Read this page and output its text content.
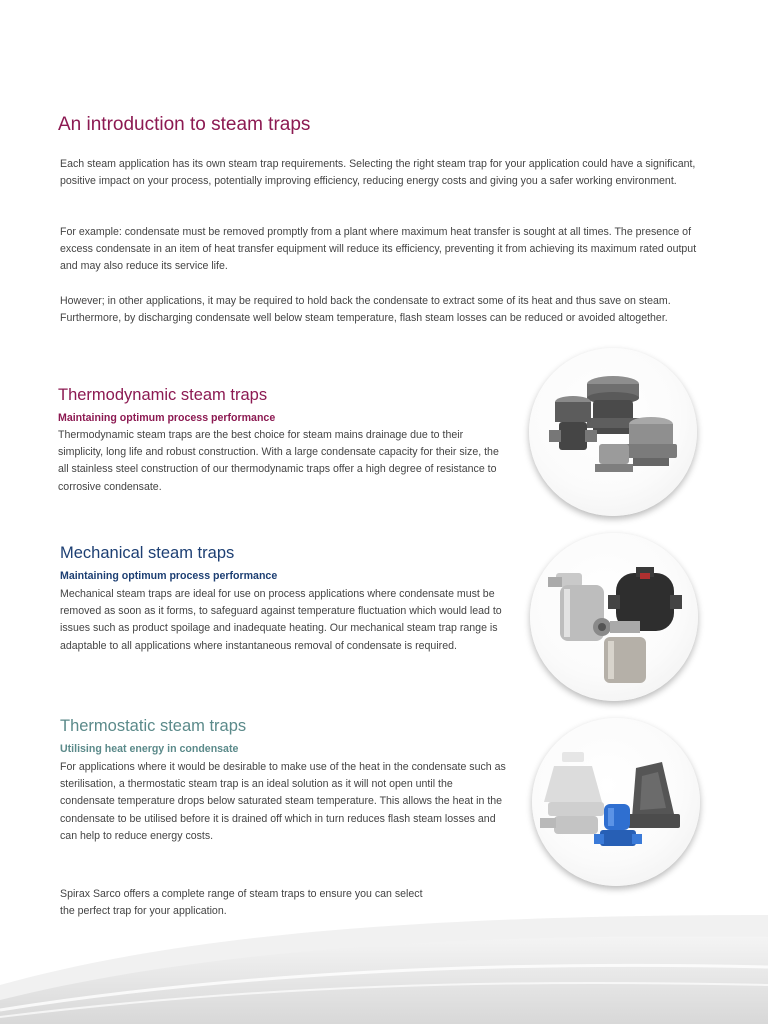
An introduction to steam traps

Each steam application has its own steam trap requirements. Selecting the right steam trap for your application could have a significant, positive impact on your process, potentially improving efficiency, reducing energy costs and giving you a safer working environment.

For example: condensate must be removed promptly from a plant where maximum heat transfer is sought at all times. The presence of excess condensate in an item of heat transfer equipment will reduce its efficiency, preventing it from achieving its maximum rated output and may also reduce its service life.

However; in other applications, it may be required to hold back the condensate to extract some of its heat and thus save on steam. Furthermore, by discharging condensate well below steam temperature, flash steam losses can be reduced or avoided altogether.

Thermodynamic steam traps
Maintaining optimum process performance

Thermodynamic steam traps are the best choice for steam mains drainage due to their simplicity, long life and robust construction. With a large condensate capacity for their size, the all stainless steel construction of our thermodynamic traps offer a high degree of resistance to corrosive condensate.

Mechanical steam traps
Maintaining optimum process performance

Mechanical steam traps are ideal for use on process applications where condensate must be removed as soon as it forms, to safeguard against temperature fluctuation which would lead to issues such as product spoilage and inadequate heating. Our mechanical steam trap range is adaptable to all applications where instantaneous removal of condensate is required.

Thermostatic steam traps
Utilising heat energy in condensate

For applications where it would be desirable to make use of the heat in the condensate such as sterilisation, a thermostatic steam trap is an ideal solution as it will not open until the condensate temperature drops below saturated steam temperature. This allows the heat in the condensate to be utilised before it is drained off which in turn reduces flash steam losses and can help to reduce energy costs.

Spirax Sarco offers a complete range of steam traps to ensure you can select the perfect trap for your application.
